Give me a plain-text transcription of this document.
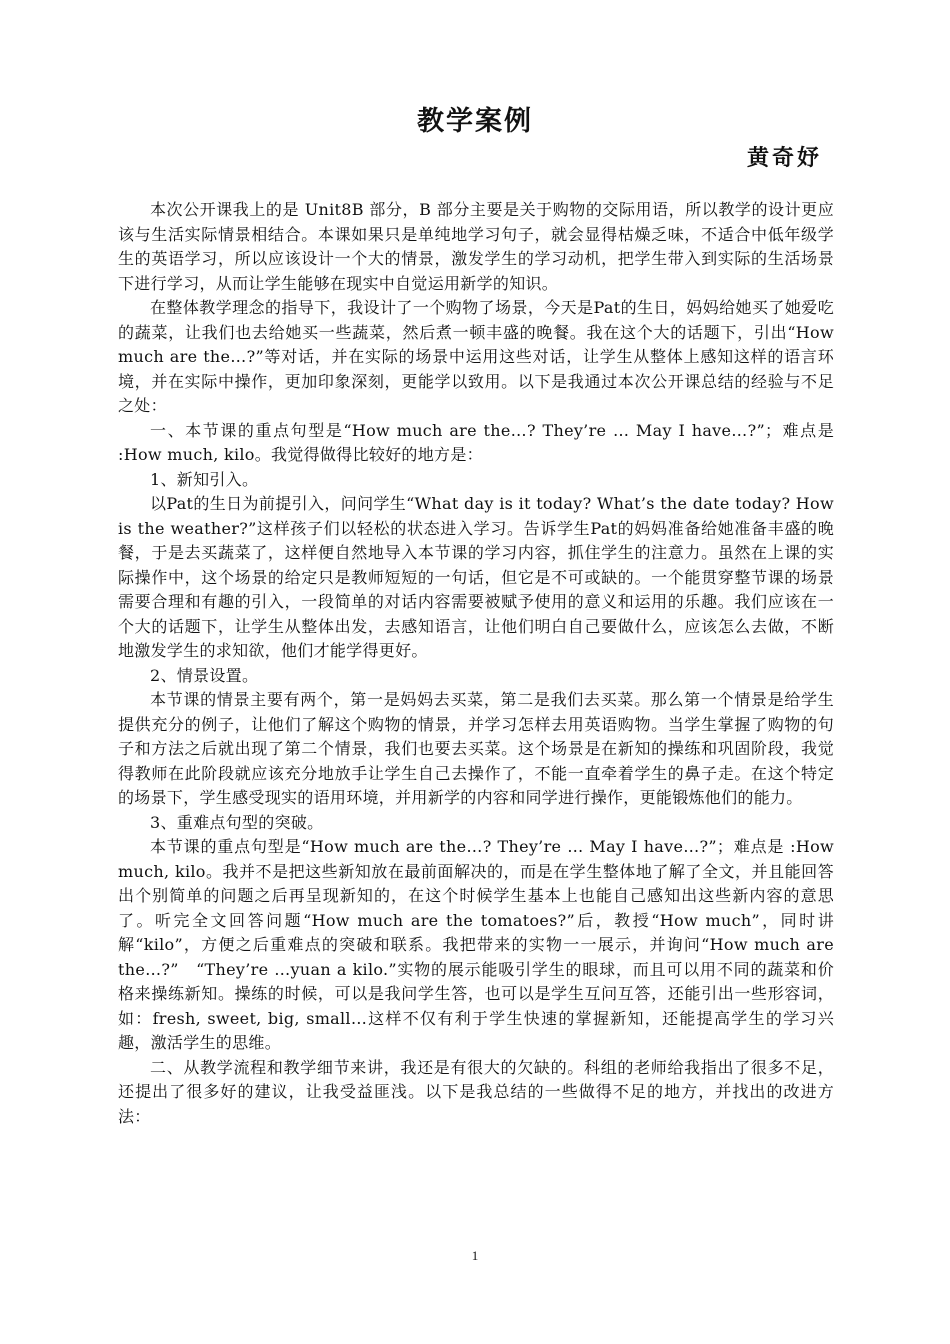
教学案例
黄奇妤

本次公开课我上的是 Unit8B 部分，B 部分主要是关于购物的交际用语，所以教学的设计更应该与生活实际情景相结合。本课如果只是单纯地学习句子，就会显得枯燥乏味，不适合中低年级学生的英语学习，所以应该设计一个大的情景，激发学生的学习动机，把学生带入到实际的生活场景下进行学习，从而让学生能够在现实中自觉运用新学的知识。

在整体教学理念的指导下，我设计了一个购物了场景，今天是Pat的生日，妈妈给她买了她爱吃的蔬菜，让我们也去给她买一些蔬菜，然后煮一顿丰盛的晚餐。我在这个大的话题下，引出“How much are the…?”等对话，并在实际的场景中运用这些对话，让学生从整体上感知这样的语言环境，并在实际中操作，更加印象深刻，更能学以致用。以下是我通过本次公开课总结的经验与不足之处：

一、本节课的重点句型是“How much are the…? They’re … May I have…?”；难点是 :How much, kilo。我觉得做得比较好的地方是：

1、新知引入。

以Pat的生日为前提引入，问问学生“What day is it today? What’s the date today? How is the weather?”这样孩子们以轻松的状态进入学习。告诉学生Pat的妈妈准备给她准备丰盛的晚餐，于是去买蔬菜了，这样便自然地导入本节课的学习内容，抓住学生的注意力。虽然在上课的实际操作中，这个场景的给定只是教师短短的一句话，但它是不可或缺的。一个能贯穿整节课的场景需要合理和有趣的引入，一段简单的对话内容需要被赋予使用的意义和运用的乐趣。我们应该在一个大的话题下，让学生从整体出发，去感知语言，让他们明白自己要做什么，应该怎么去做，不断地激发学生的求知欲，他们才能学得更好。

2、情景设置。

本节课的情景主要有两个，第一是妈妈去买菜，第二是我们去买菜。那么第一个情景是给学生提供充分的例子，让他们了解这个购物的情景，并学习怎样去用英语购物。当学生掌握了购物的句子和方法之后就出现了第二个情景，我们也要去买菜。这个场景是在新知的操练和巩固阶段，我觉得教师在此阶段就应该充分地放手让学生自己去操作了，不能一直牵着学生的鼻子走。在这个特定的场景下，学生感受现实的语用环境，并用新学的内容和同学进行操作，更能锻炼他们的能力。

3、重难点句型的突破。

本节课的重点句型是“How much are the…? They’re … May I have…?”；难点是 :How much, kilo。我并不是把这些新知放在最前面解决的，而是在学生整体地了解了全文，并且能回答出个别简单的问题之后再呈现新知的，在这个时候学生基本上也能自己感知出这些新内容的意思了。听完全文回答问题“How much are the tomatoes?”后，教授“How much”，同时讲解“kilo”，方便之后重难点的突破和联系。我把带来的实物一一展示，并询问“How much are the…?”　“They’re …yuan a kilo.”实物的展示能吸引学生的眼球，而且可以用不同的蔬菜和价格来操练新知。操练的时候，可以是我问学生答，也可以是学生互问互答，还能引出一些形容词，如：fresh, sweet, big, small…这样不仅有利于学生快速的掌握新知，还能提高学生的学习兴趣，激活学生的思维。

二、从教学流程和教学细节来讲，我还是有很大的欠缺的。科组的老师给我指出了很多不足，还提出了很多好的建议，让我受益匪浅。以下是我总结的一些做得不足的地方，并找出的改进方法：

1
